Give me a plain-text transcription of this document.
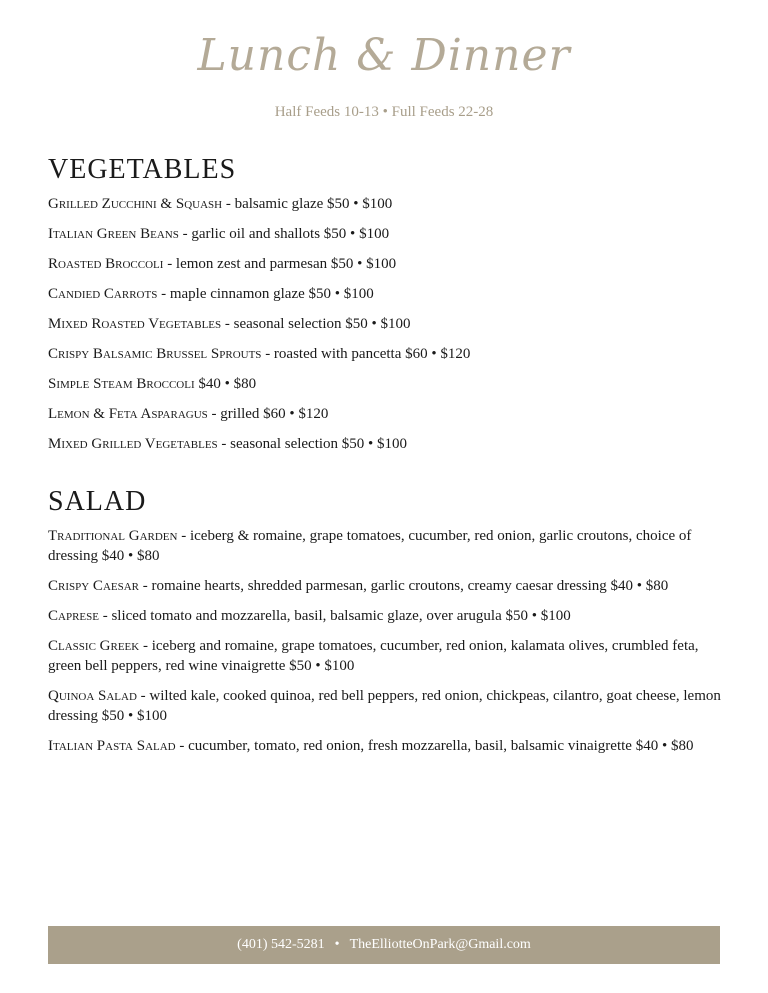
Lunch & Dinner

Half Feeds 10-13 • Full Feeds 22-28

VEGETABLES

Grilled Zucchini & Squash - balsamic glaze $50 • $100

Italian Green Beans - garlic oil and shallots $50 • $100

Roasted Broccoli - lemon zest and parmesan $50 • $100

Candied Carrots - maple cinnamon glaze $50 • $100

Mixed Roasted Vegetables - seasonal selection $50 • $100

Crispy Balsamic Brussel Sprouts - roasted with pancetta $60 • $120

Simple Steam Broccoli $40 • $80

Lemon & Feta Asparagus - grilled $60 • $120

Mixed Grilled Vegetables - seasonal selection $50 • $100

SALAD

Traditional Garden - iceberg & romaine, grape tomatoes, cucumber, red onion, garlic croutons, choice of dressing $40 • $80

Crispy Caesar - romaine hearts, shredded parmesan, garlic croutons, creamy caesar dressing $40 • $80

Caprese - sliced tomato and mozzarella, basil, balsamic glaze, over arugula $50 • $100

Classic Greek - iceberg and romaine, grape tomatoes, cucumber, red onion, kalamata olives, crumbled feta, green bell peppers, red wine vinaigrette $50 • $100

Quinoa Salad - wilted kale, cooked quinoa, red bell peppers, red onion, chickpeas, cilantro, goat cheese, lemon dressing $50 • $100

Italian Pasta Salad - cucumber, tomato, red onion, fresh mozzarella, basil, balsamic vinaigrette $40 • $80

(401) 542-5281 • TheElliotteOnPark@Gmail.com
